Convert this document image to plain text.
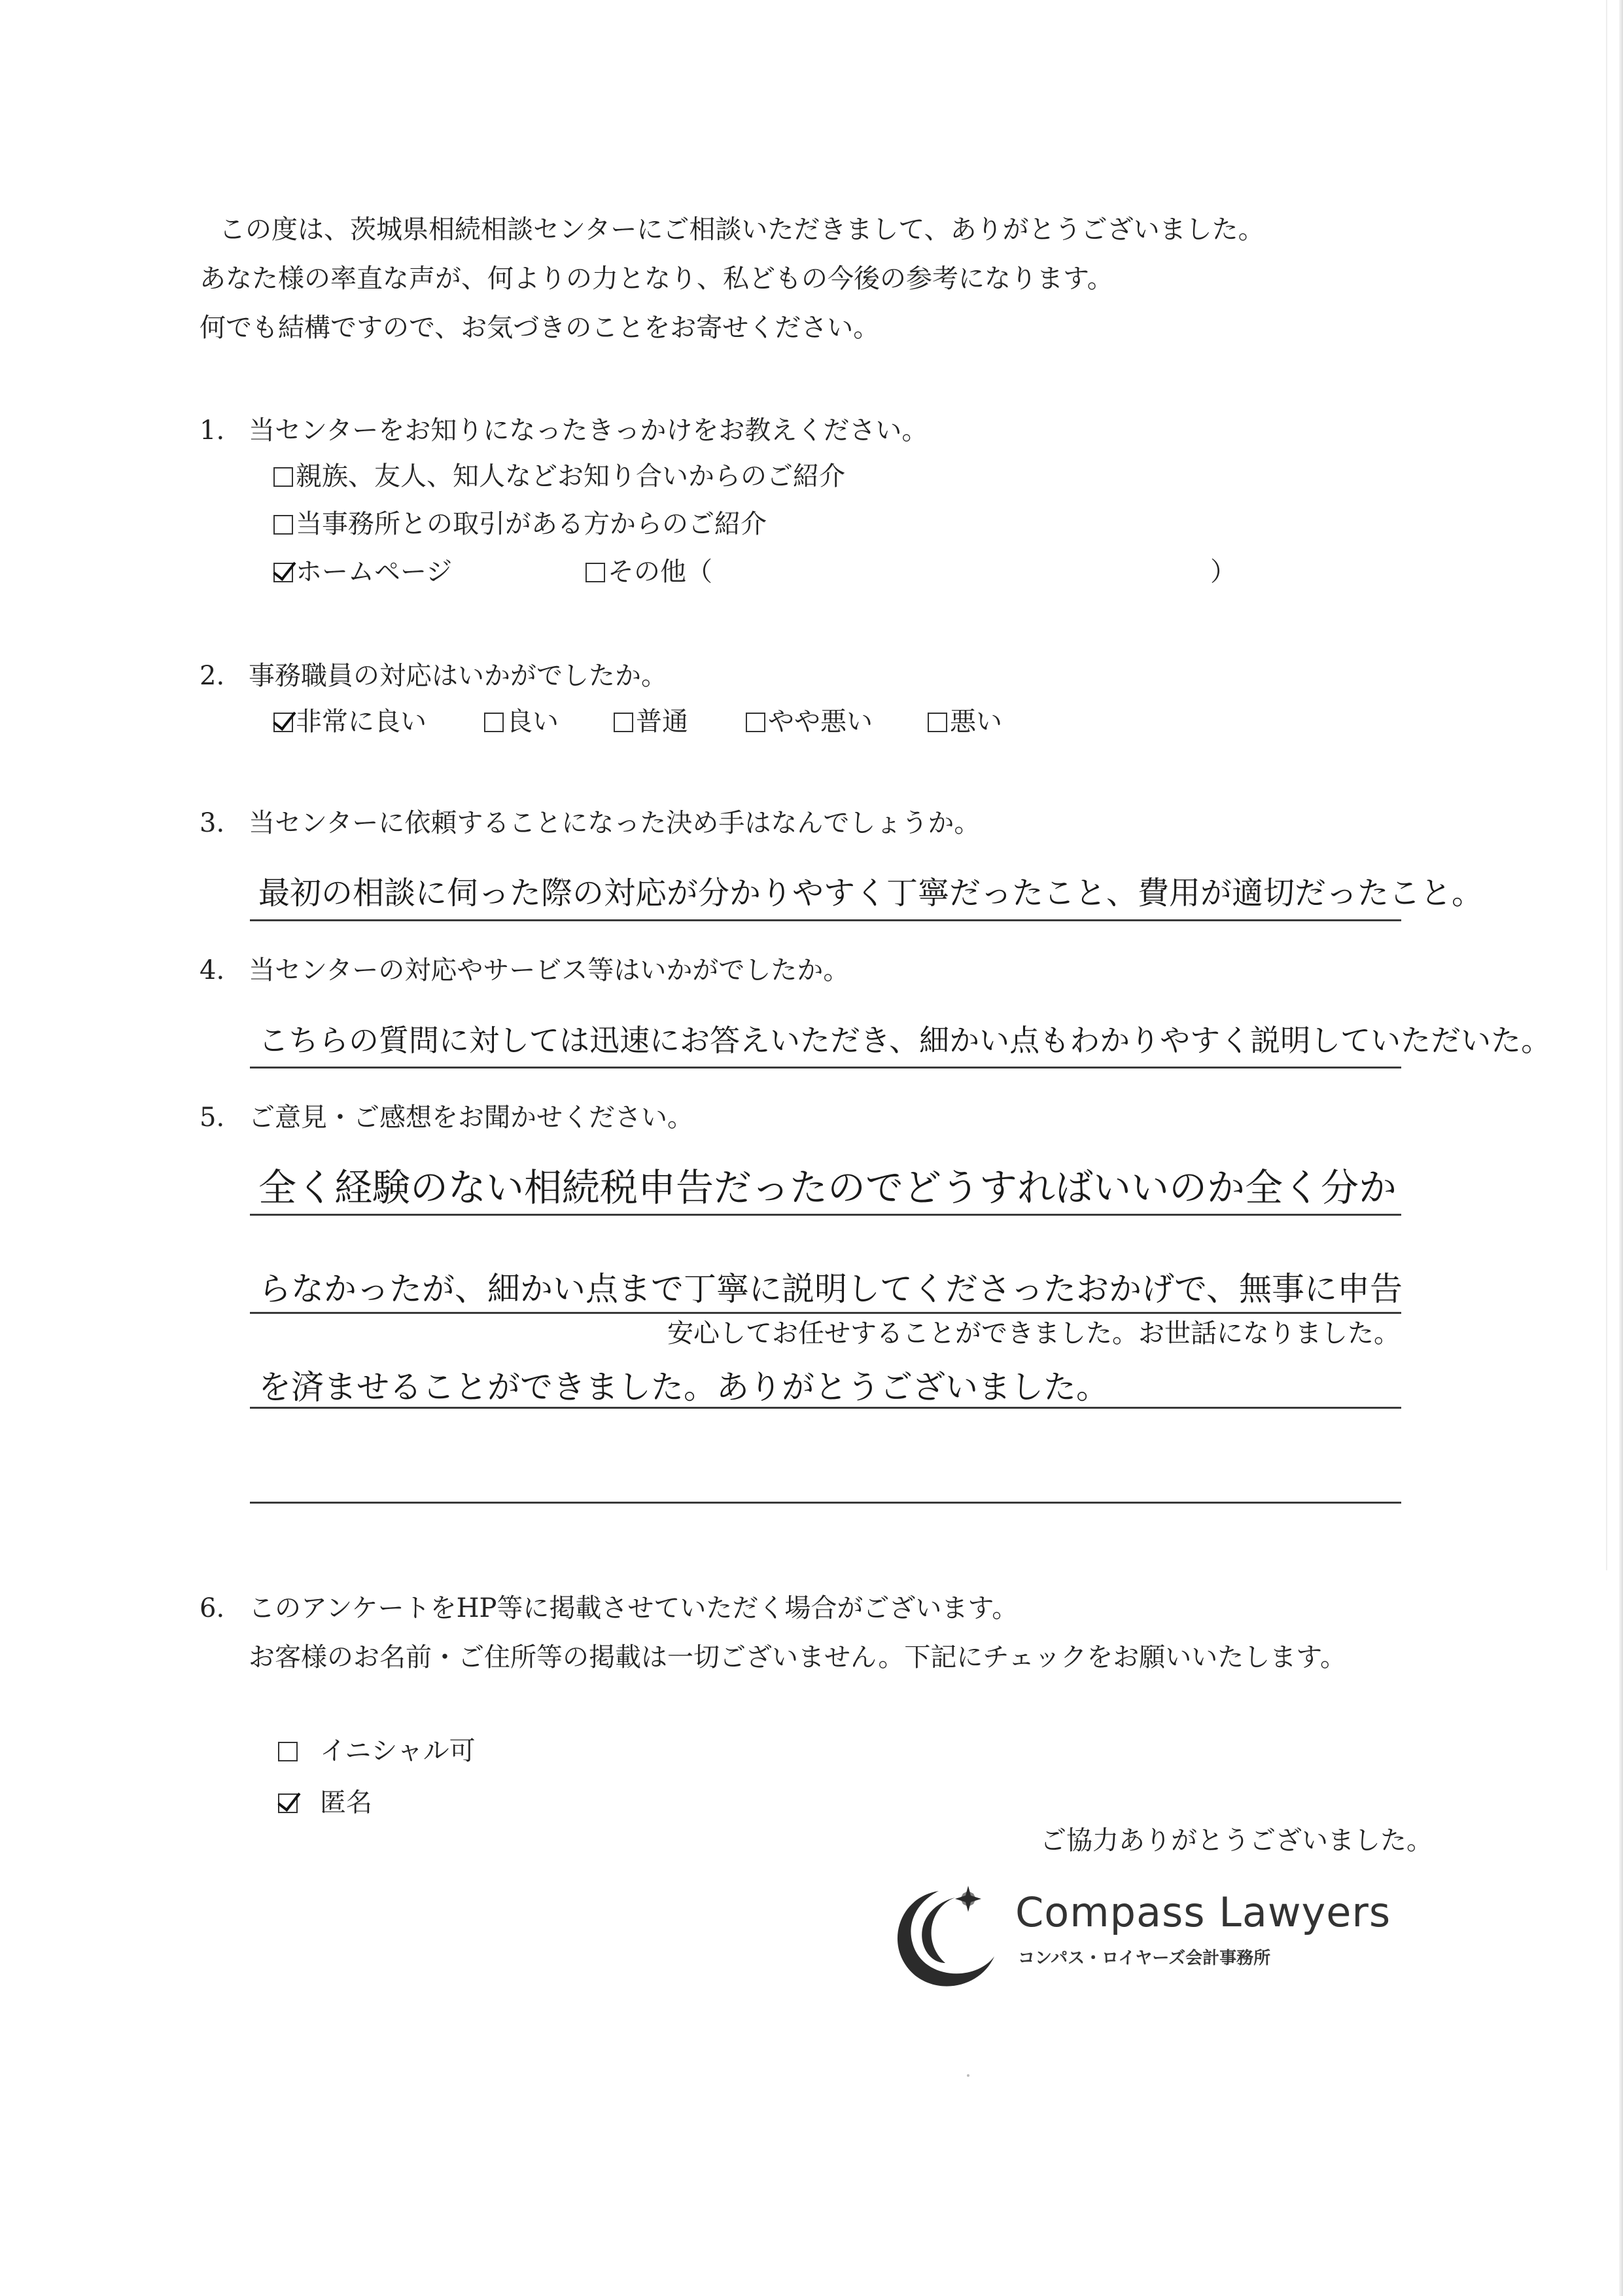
この度は、茨城県相続相談センターにご相談いただきまして、ありがとうございました。
あなた様の率直な声が、何よりの力となり、私どもの今後の参考になります。
何でも結構ですので、お気づきのことをお寄せください。
1. 当センターをお知りになったきっかけをお教えください。
親族、友人、知人などお知り合いからのご紹介
当事務所との取引がある方からのご紹介
ホームページ	その他（	）
2. 事務職員の対応はいかがでしたか。
非常に良い	良い	普通	やや悪い	悪い
3. 当センターに依頼することになった決め手はなんでしょうか。
最初の相談に伺った際の対応が分かりやすく丁寧だったこと、費用が適切だったこと。
4. 当センターの対応やサービス等はいかがでしたか。
こちらの質問に対しては迅速にお答えいただき、細かい点もわかりやすく説明していただいた。
5. ご意見・ご感想をお聞かせください。
全く経験のない相続税申告だったのでどうすればいいのか全く分か
らなかったが、細かい点まで丁寧に説明してくださったおかげで、無事に申告
安心してお任せすることができました。お世話になりました。
を済ませることができました。ありがとうございました。
6. このアンケートをHP等に掲載させていただく場合がございます。
お客様のお名前・ご住所等の掲載は一切ございません。下記にチェックをお願いいたします。
イニシャル可
匿名
ご協力ありがとうございました。
Compass Lawyers
コンパス・ロイヤーズ会計事務所
